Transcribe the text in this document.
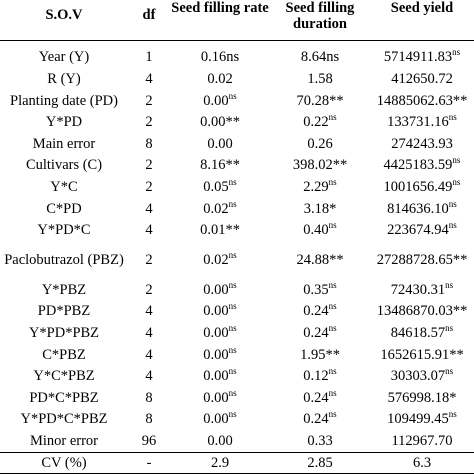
S.O.V	df	Seed filling rate	Seed filling duration	Seed yield
Year (Y)	1	0.16ns	8.64ns	$5714911.83^{ns}$
R (Y)	4	0.02	1.58	412650.72
Planting date (PD)	2	$0.00^{ns}$	70.28**	14885062.63**
Y*PD	2	0.00**	$0.22^{ns}$	$133731.16^{ns}$
Main error	8	0.00	0.26	274243.93
Cultivars (C)	2	8.16**	398.02**	$4425183.59^{ns}$
Y*C	2	$0.05^{ns}$	$2.29^{ns}$	$1001656.49^{ns}$
C*PD	4	$0.02^{ns}$	3.18*	$814636.10^{ns}$
Y*PD*C	4	0.01**	$0.40^{ns}$	$223674.94^{ns}$
Paclobutrazol (PBZ)	2	$0.02^{ns}$	24.88**	27288728.65**
Y*PBZ	2	$0.00^{ns}$	$0.35^{ns}$	$72430.31^{ns}$
PD*PBZ	4	$0.00^{ns}$	$0.24^{ns}$	13486870.03**
Y*PD*PBZ	4	$0.00^{ns}$	$0.24^{ns}$	$84618.57^{ns}$
C*PBZ	4	$0.00^{ns}$	1.95**	1652615.91**
Y*C*PBZ	4	$0.00^{ns}$	$0.12^{ns}$	$30303.07^{ns}$
PD*C*PBZ	8	$0.00^{ns}$	$0.24^{ns}$	576998.18*
Y*PD*C*PBZ	8	$0.00^{ns}$	$0.24^{ns}$	$109499.45^{ns}$
Minor error	96	0.00	0.33	112967.70
CV (%)	-	2.9	2.85	6.3
